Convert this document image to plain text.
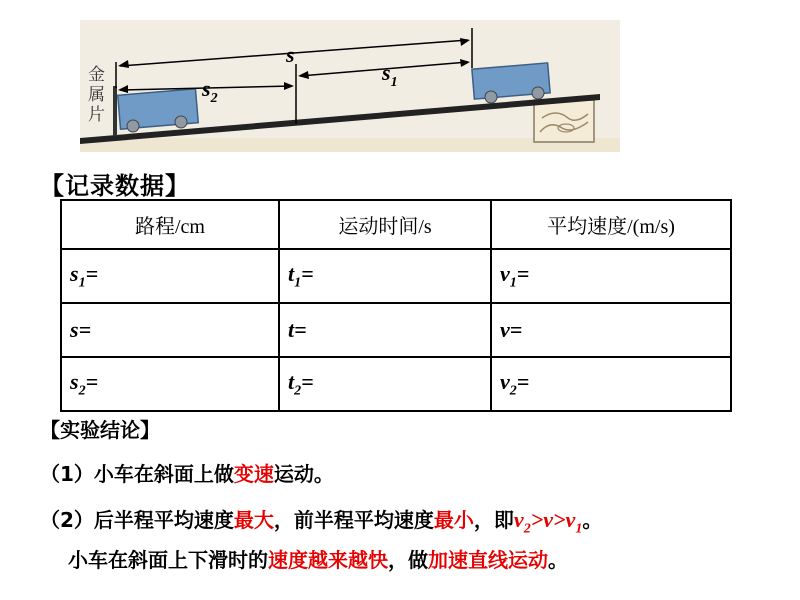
s
$s_1$
$s_2$
金
属
片
【记录数据】
路程/cm	运动时间/s	平均速度/(m/s)
$s_1=$	$t_1=$	$v_1=$
s=	t=	v=
$s_2=$	$t_2=$	$v_2=$
【实验结论】
（1）小车在斜面上做变速运动。
（2）后半程平均速度最大，前半程平均速度最小，即$v_2>v>v_1$。
小车在斜面上下滑时的速度越来越快，做加速直线运动。
